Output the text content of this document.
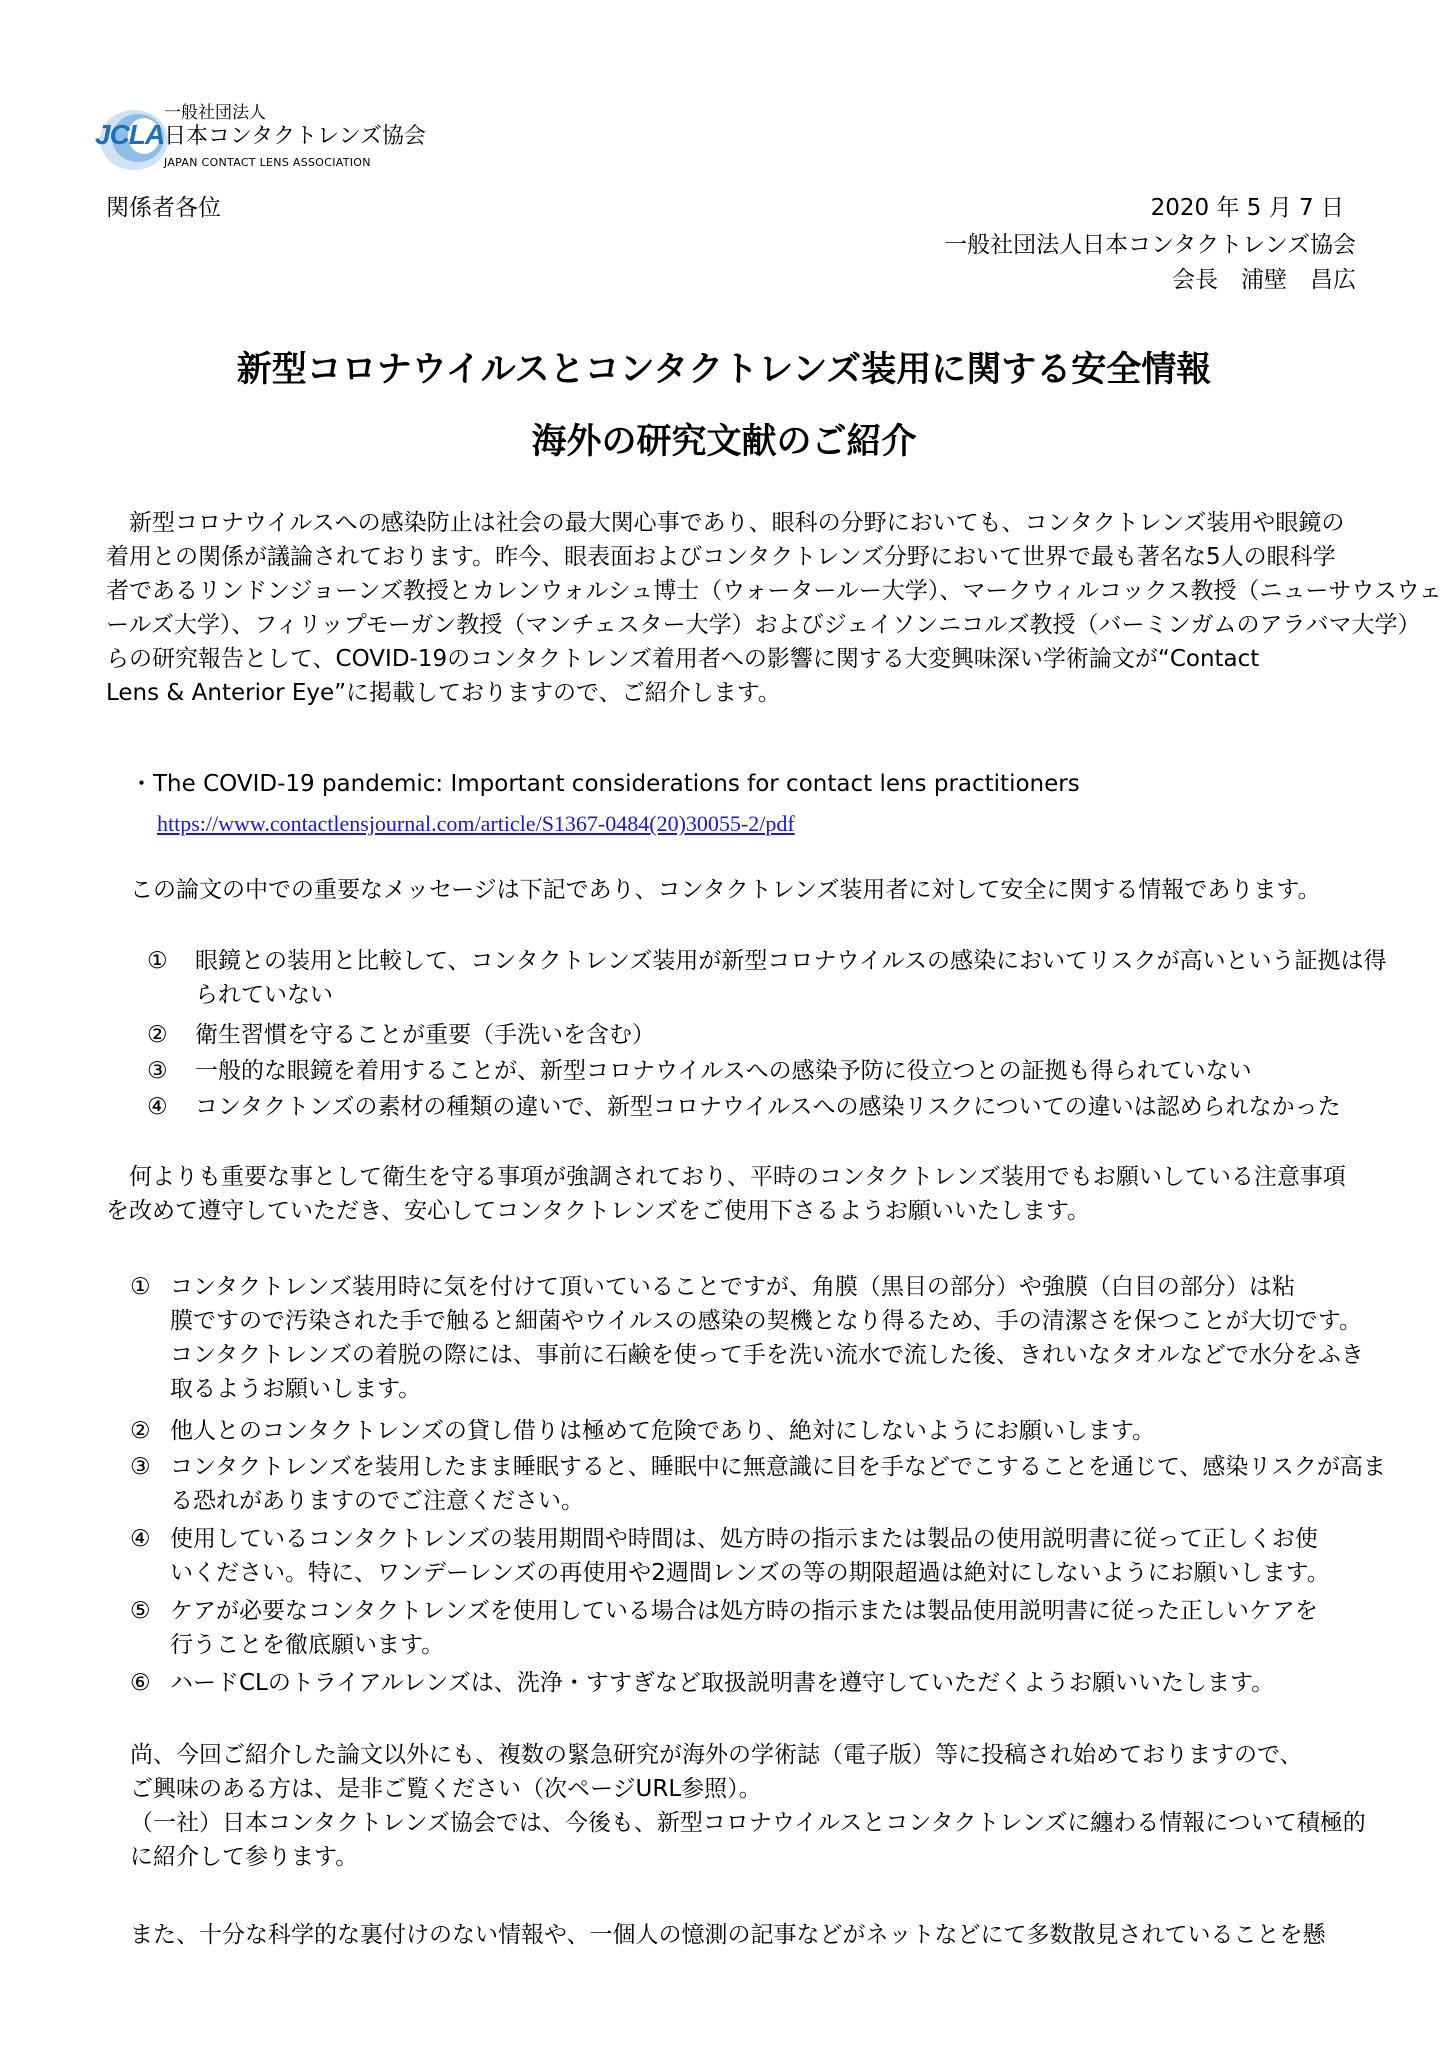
JCLA
一般社団法人
日本コンタクトレンズ協会
JAPAN CONTACT LENS ASSOCIATION
関係者各位	2020 年 5 月 7 日
一般社団法人日本コンタクトレンズ協会
会長　浦壁　昌広
新型コロナウイルスとコンタクトレンズ装用に関する安全情報
海外の研究文献のご紹介
　新型コロナウイルスへの感染防止は社会の最大関心事であり、眼科の分野においても、コンタクトレンズ装用や眼鏡の
着用との関係が議論されております。昨今、眼表面およびコンタクトレンズ分野において世界で最も著名な5人の眼科学
者であるリンドンジョーンズ教授とカレンウォルシュ博士（ウォータールー大学）、マークウィルコックス教授（ニューサウスウェ
ールズ大学）、フィリップモーガン教授（マンチェスター大学）およびジェイソンニコルズ教授（バーミンガムのアラバマ大学）
らの研究報告として、COVID-19のコンタクトレンズ着用者への影響に関する大変興味深い学術論文が“Contact
Lens & Anterior Eye”に掲載しておりますので、ご紹介します。
・The COVID-19 pandemic: Important considerations for contact lens practitioners
https://www.contactlensjournal.com/article/S1367-0484(20)30055-2/pdf
この論文の中での重要なメッセージは下記であり、コンタクトレンズ装用者に対して安全に関する情報であります。
① 眼鏡との装用と比較して、コンタクトレンズ装用が新型コロナウイルスの感染においてリスクが高いという証拠は得
られていない
② 衛生習慣を守ることが重要（手洗いを含む）
③ 一般的な眼鏡を着用することが、新型コロナウイルスへの感染予防に役立つとの証拠も得られていない
④ コンタクトンズの素材の種類の違いで、新型コロナウイルスへの感染リスクについての違いは認められなかった
　何よりも重要な事として衛生を守る事項が強調されており、平時のコンタクトレンズ装用でもお願いしている注意事項
を改めて遵守していただき、安心してコンタクトレンズをご使用下さるようお願いいたします。
① コンタクトレンズ装用時に気を付けて頂いていることですが、角膜（黒目の部分）や強膜（白目の部分）は粘
膜ですので汚染された手で触ると細菌やウイルスの感染の契機となり得るため、手の清潔さを保つことが大切です。
コンタクトレンズの着脱の際には、事前に石鹸を使って手を洗い流水で流した後、きれいなタオルなどで水分をふき
取るようお願いします。
② 他人とのコンタクトレンズの貸し借りは極めて危険であり、絶対にしないようにお願いします。
③ コンタクトレンズを装用したまま睡眠すると、睡眠中に無意識に目を手などでこすることを通じて、感染リスクが高ま
る恐れがありますのでご注意ください。
④ 使用しているコンタクトレンズの装用期間や時間は、処方時の指示または製品の使用説明書に従って正しくお使
いください。特に、ワンデーレンズの再使用や2週間レンズの等の期限超過は絶対にしないようにお願いします。
⑤ ケアが必要なコンタクトレンズを使用している場合は処方時の指示または製品使用説明書に従った正しいケアを
行うことを徹底願います。
⑥ ハードCLのトライアルレンズは、洗浄・すすぎなど取扱説明書を遵守していただくようお願いいたします。
尚、今回ご紹介した論文以外にも、複数の緊急研究が海外の学術誌（電子版）等に投稿され始めておりますので、
ご興味のある方は、是非ご覧ください（次ページURL参照）。
（一社）日本コンタクトレンズ協会では、今後も、新型コロナウイルスとコンタクトレンズに纏わる情報について積極的
に紹介して参ります。
また、十分な科学的な裏付けのない情報や、一個人の憶測の記事などがネットなどにて多数散見されていることを懸
